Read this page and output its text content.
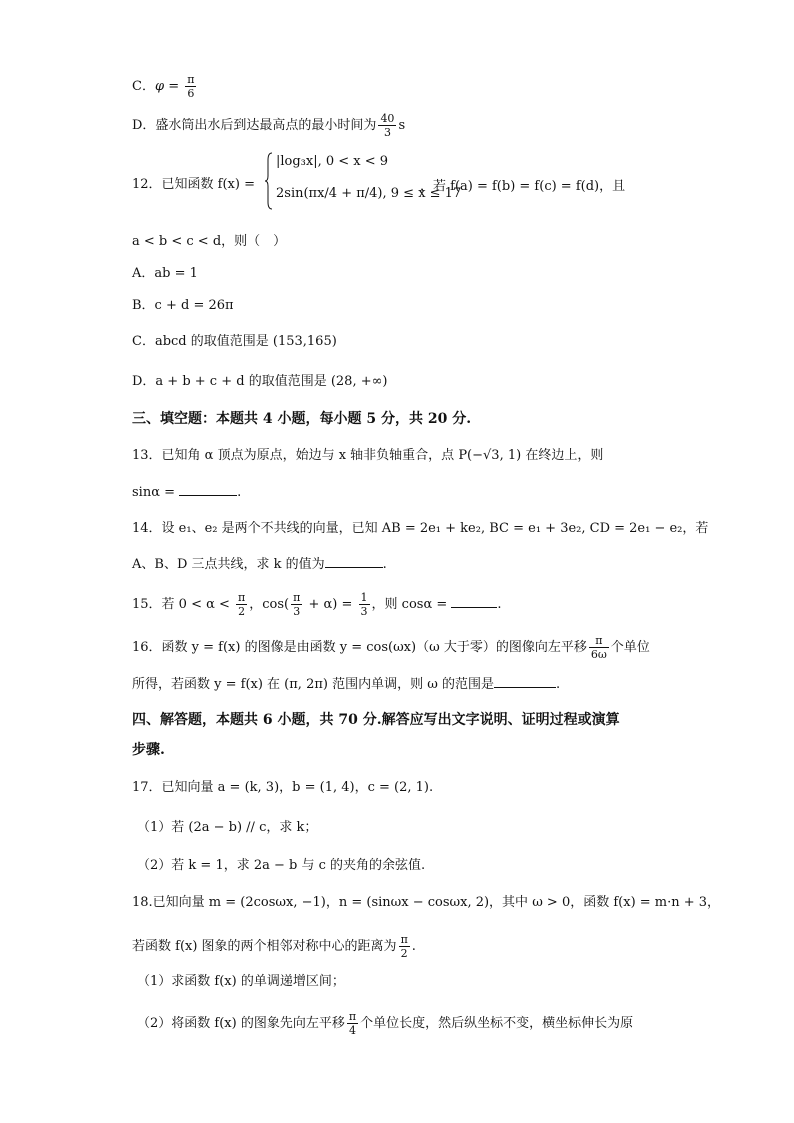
C．$\varphi = \frac{\pi}{6}$
D．盛水筒出水后到达最高点的最小时间为 $\frac{40}{3}$ s
12．已知函数 f(x) =
|log₃x|, 0 < x < 9
2sin(πx/4 + π/4), 9 ≤ x ≤ 17
，若 f(a) = f(b) = f(c) = f(d)，且
a < b < c < d，则（　）
A．ab = 1
B．c + d = 26π
C．abcd 的取值范围是 (153,165)
D．a + b + c + d 的取值范围是 (28, +∞)
三、填空题：本题共 4 小题，每小题 5 分，共 20 分.
13．已知角 α 顶点为原点，始边与 x 轴非负轴重合，点 P(−√3, 1) 在终边上，则
sinα =	.
14．设 e₁、e₂ 是两个不共线的向量，已知 AB = 2e₁ + ke₂, BC = e₁ + 3e₂, CD = 2e₁ − e₂，若
A、B、D 三点共线，求 k 的值为	.
15．若 $0 < \alpha < \frac{\pi}{2}$ ，$\cos( \frac{\pi}{3} + \alpha) = \frac{1}{3}$ ，则 cosα =	.
16．函数 y = f(x) 的图像是由函数 y = cos(ωx)（ω 大于零）的图像向左平移 $\frac{\pi}{6\omega}$ 个单位
所得，若函数 y = f(x) 在 (π, 2π) 范围内单调，则 ω 的范围是	.
四、解答题，本题共 6 小题，共 70 分.解答应写出文字说明、证明过程或演算
步骤.
17．已知向量 a = (k, 3)，b = (1, 4)，c = (2, 1).
（1）若 (2a − b) // c，求 k；
（2）若 k = 1，求 2a − b 与 c 的夹角的余弦值.
18.已知向量 m = (2cosωx, −1)，n = (sinωx − cosωx, 2)，其中 ω > 0，函数 f(x) = m·n + 3，
若函数 f(x) 图象的两个相邻对称中心的距离为 $\frac{\pi}{2}$ .
（1）求函数 f(x) 的单调递增区间；
（2）将函数 f(x) 的图象先向左平移 $\frac{\pi}{4}$ 个单位长度，然后纵坐标不变，横坐标伸长为原
